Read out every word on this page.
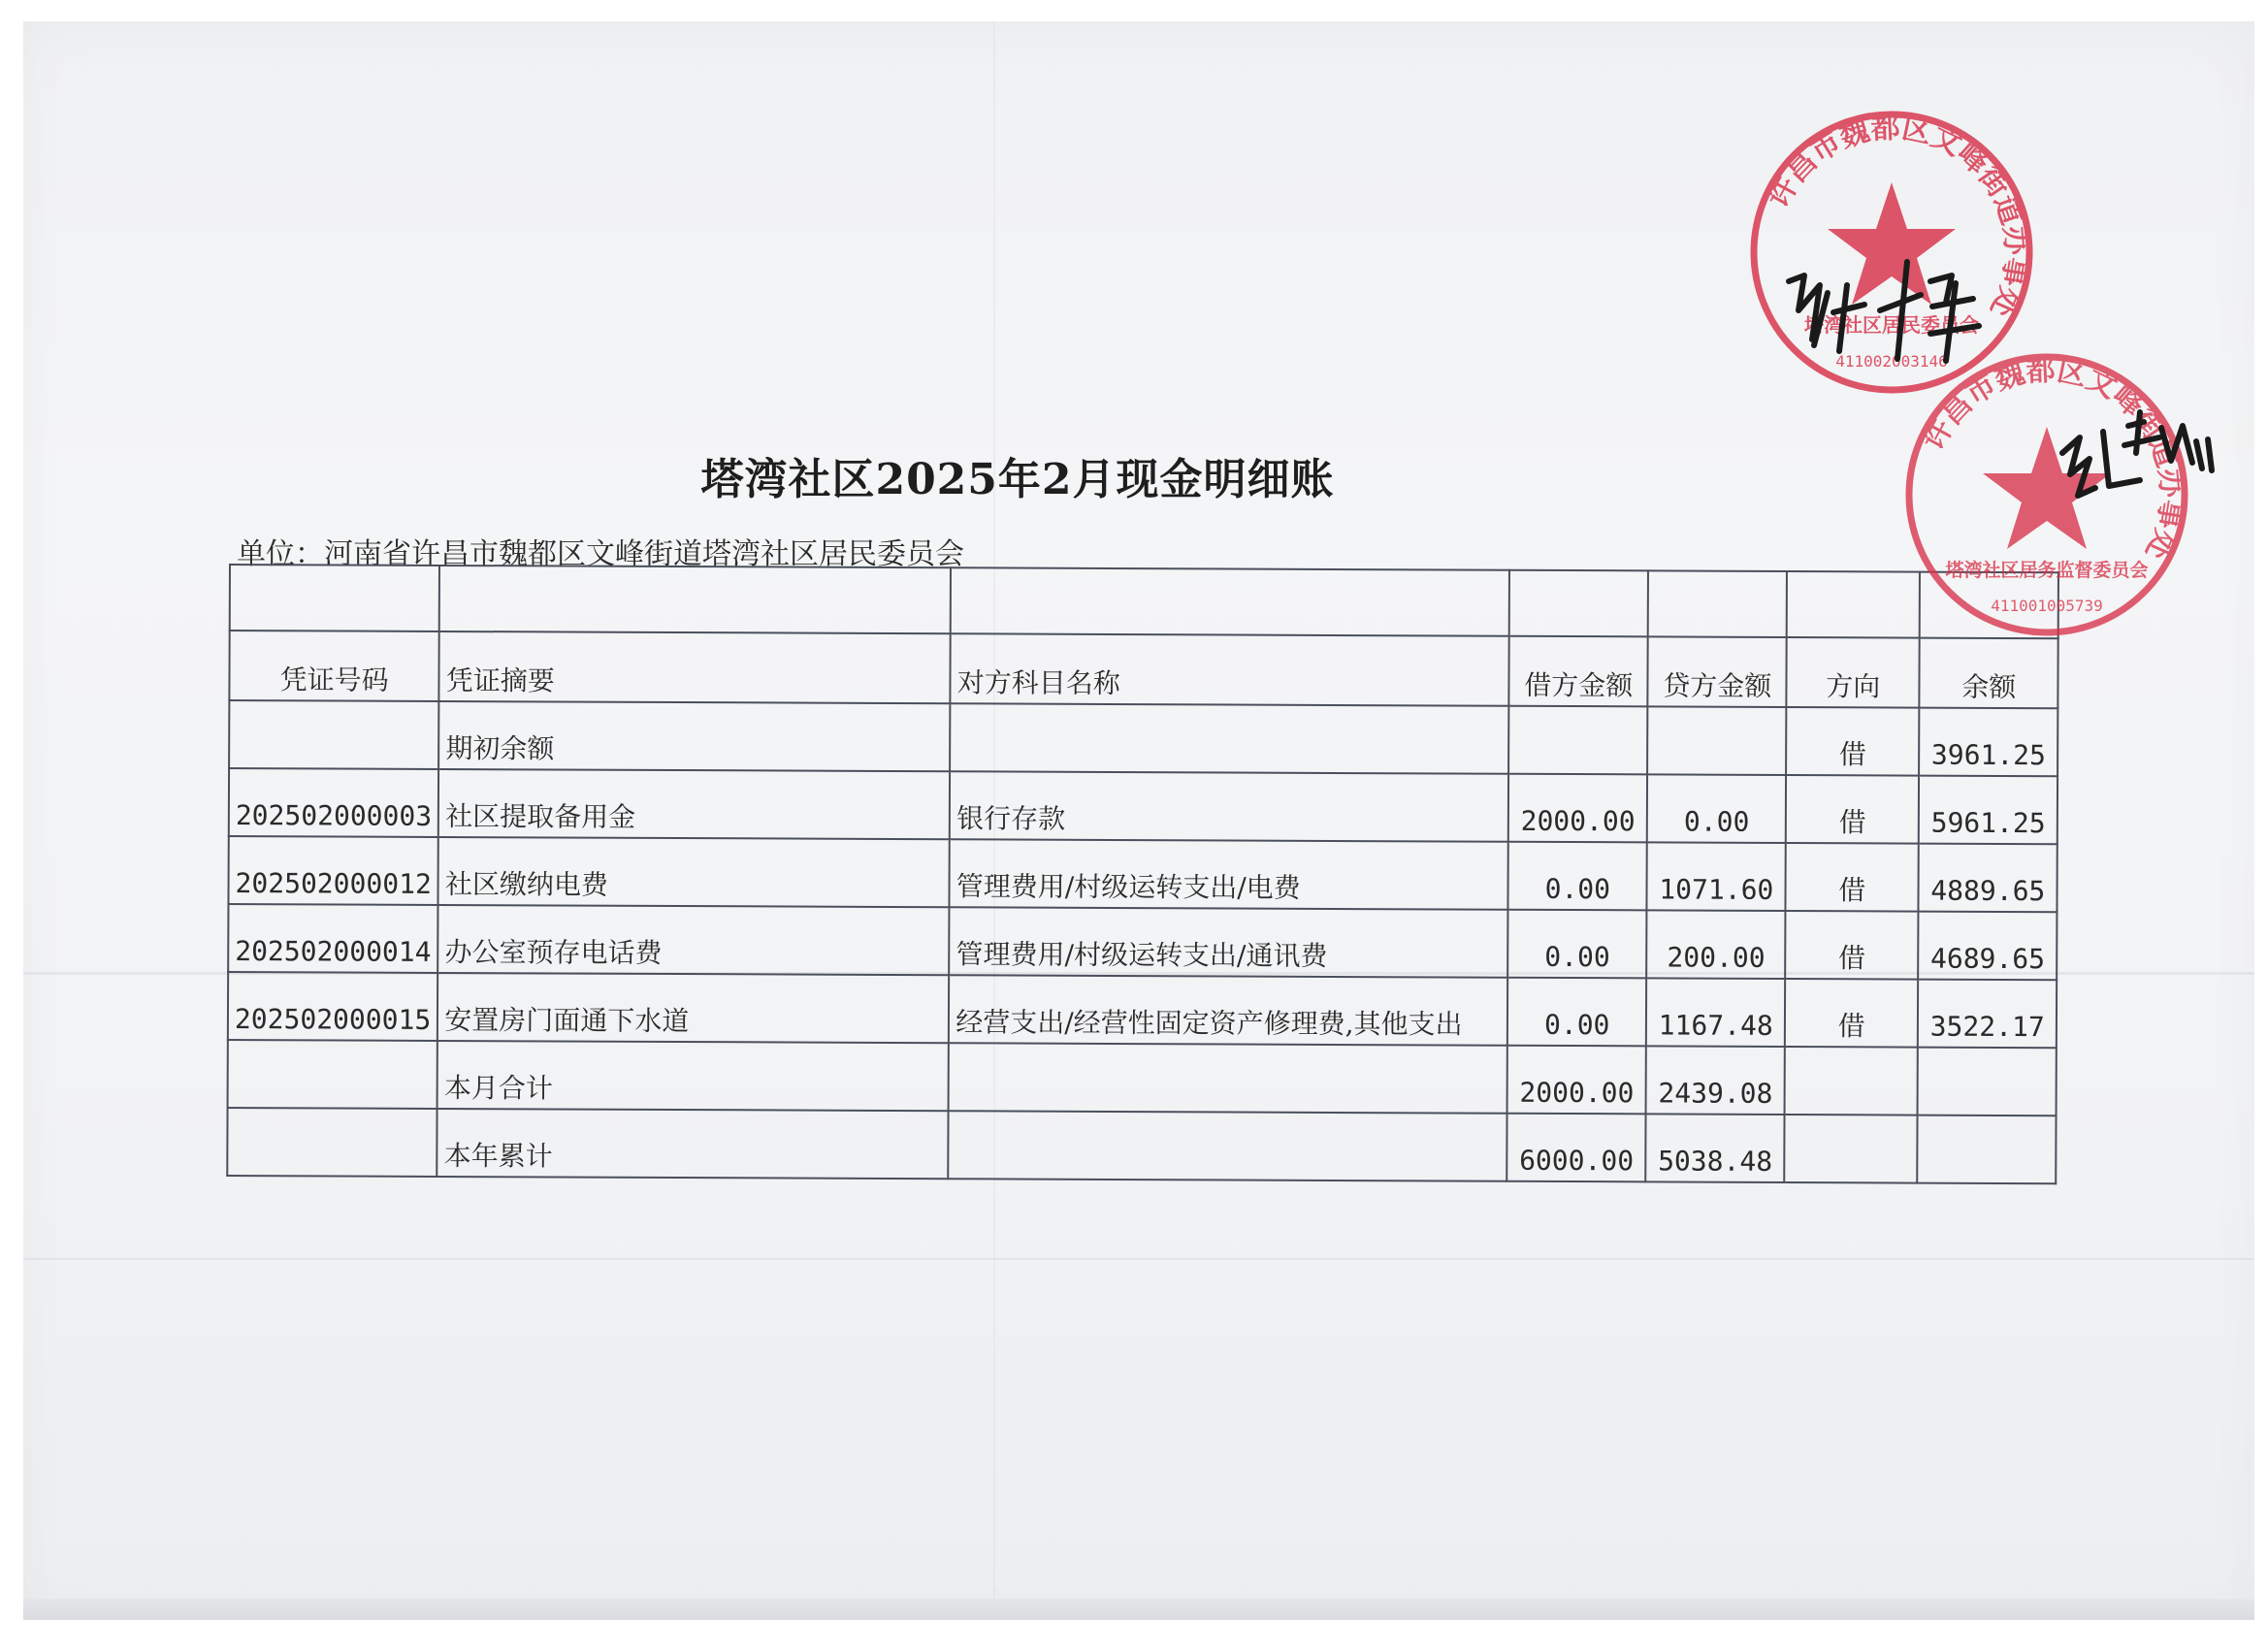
塔湾社区2025年2月现金明细账
单位：河南省许昌市魏都区文峰街道塔湾社区居民委员会

凭证号码	凭证摘要	对方科目名称	借方金额	贷方金额	方向	余额
	期初余额				借	3961.25
202502000003	社区提取备用金	银行存款	2000.00	0.00	借	5961.25
202502000012	社区缴纳电费	管理费用/村级运转支出/电费	0.00	1071.60	借	4889.65
202502000014	办公室预存电话费	管理费用/村级运转支出/通讯费	0.00	200.00	借	4689.65
202502000015	安置房门面通下水道	经营支出/经营性固定资产修理费,其他支出	0.00	1167.48	借	3522.17
	本月合计		2000.00	2439.08		
	本年累计		6000.00	5038.48		
许昌市魏都区文峰街道办事处
塔湾社区居民委员会
411002003146
许昌市魏都区文峰街道办事处
塔湾社区居务监督委员会
411001005739
